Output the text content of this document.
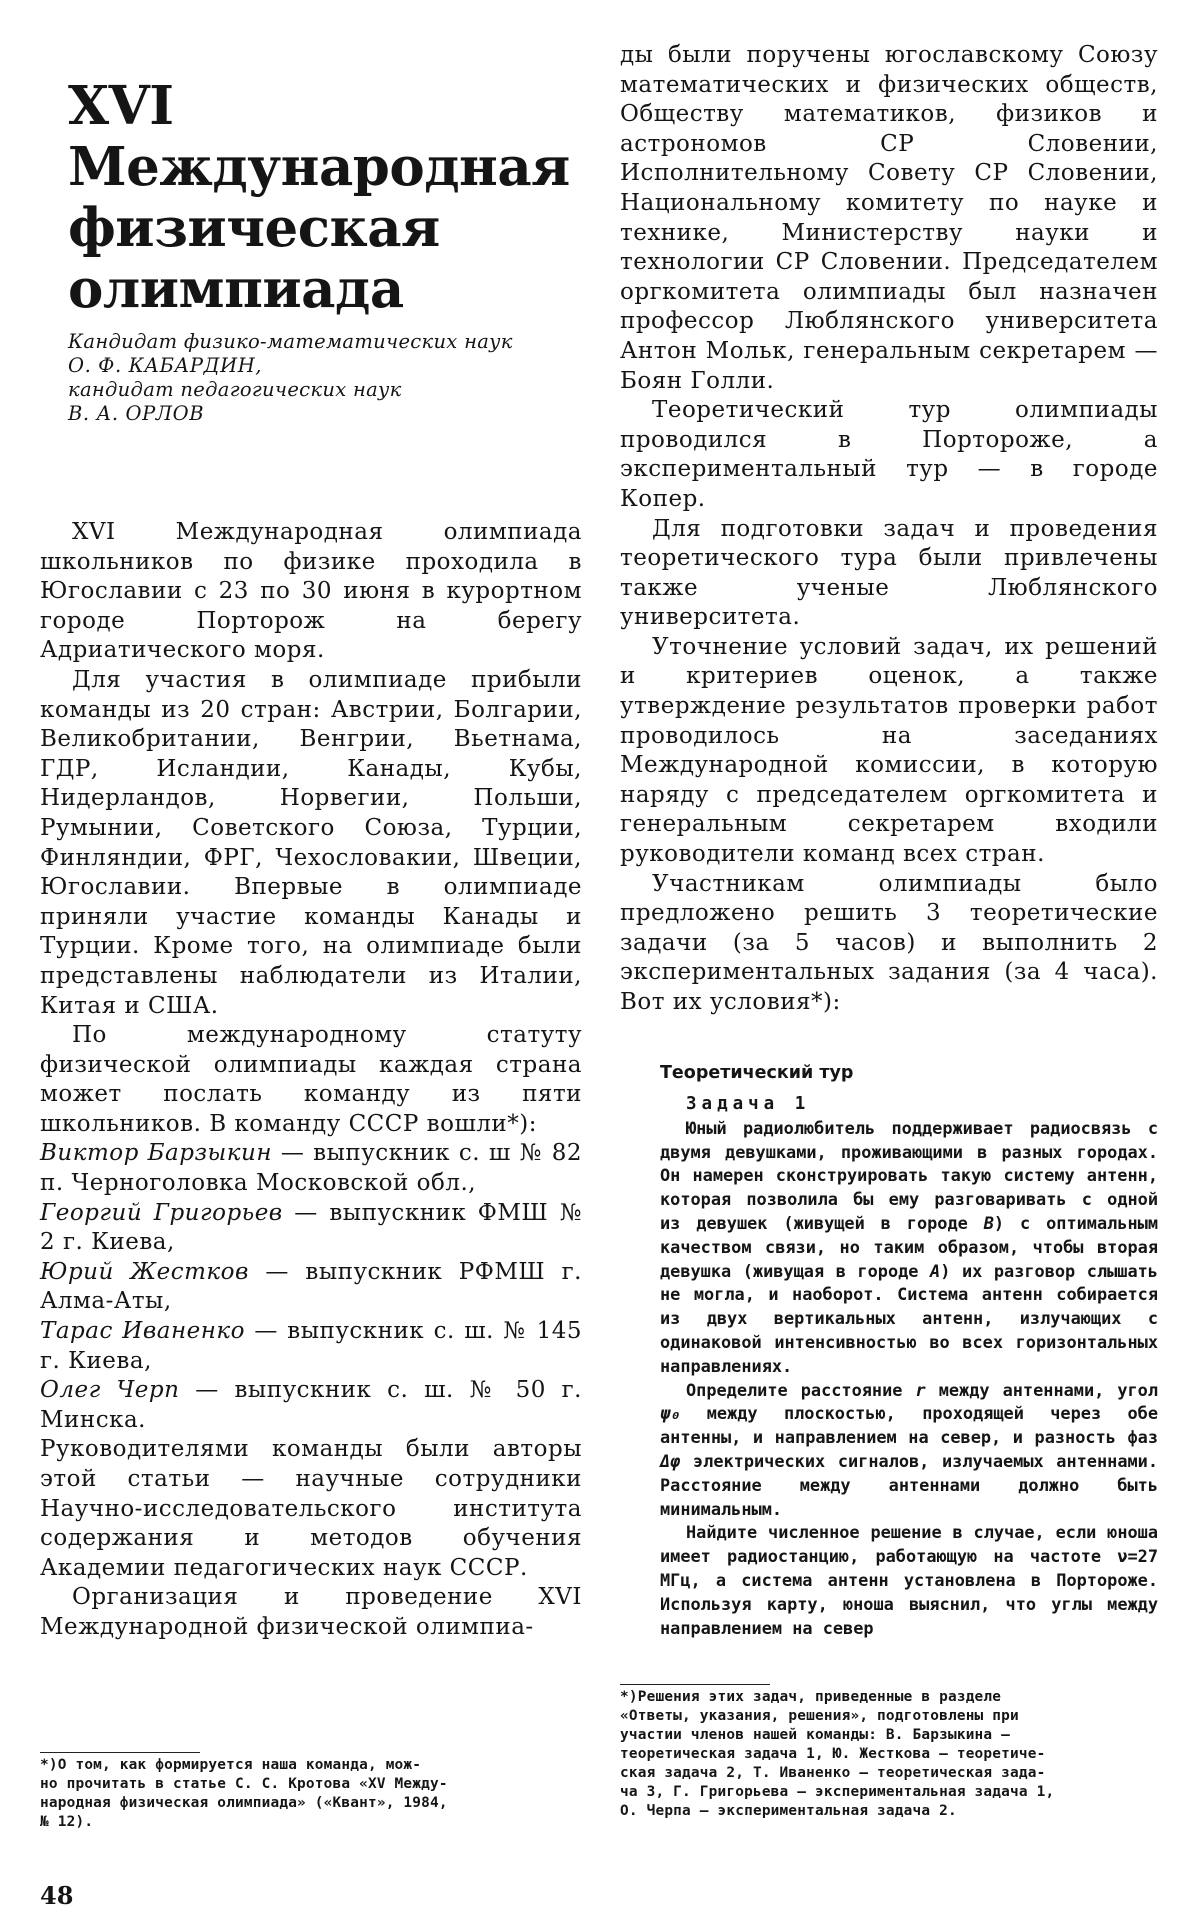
XVI
Международная
физическая
олимпиада
Кандидат физико-математических наук
О. Ф. КАБАРДИН,
кандидат педагогических наук
В. А. ОРЛОВ

XVI Международная олимпиада школьников по физике проходила в Югославии с 23 по 30 июня в курортном городе Порторож на берегу Адриатического моря.

Для участия в олимпиаде прибыли команды из 20 стран: Австрии, Болгарии, Великобритании, Венгрии, Вьетнама, ГДР, Исландии, Канады, Кубы, Нидерландов, Норвегии, Польши, Румынии, Советского Союза, Турции, Финляндии, ФРГ, Чехословакии, Швеции, Югославии. Впервые в олимпиаде приняли участие команды Канады и Турции. Кроме того, на олимпиаде были представлены наблюдатели из Италии, Китая и США.

По международному статуту физической олимпиады каждая страна может послать команду из пяти школьников. В команду СССР вошли*):

Виктор Барзыкин — выпускник с. ш № 82 п. Черноголовка Московской обл.,

Георгий Григорьев — выпускник ФМШ № 2 г. Киева,

Юрий Жестков — выпускник РФМШ г. Алма-Аты,

Тарас Иваненко — выпускник с. ш. № 145 г. Киева,

Олег Черп — выпускник с. ш. № 50 г. Минска.

Руководителями команды были авторы этой статьи — научные сотрудники Научно-исследовательского института содержания и методов обучения Академии педагогических наук СССР.

Организация и проведение XVI Международной физической олимпиа-

ды были поручены югославскому Союзу математических и физических обществ, Обществу математиков, физиков и астрономов СР Словении, Исполнительному Совету СР Словении, Национальному комитету по науке и технике, Министерству науки и технологии СР Словении. Председателем оргкомитета олимпиады был назначен профессор Люблянского университета Антон Мольк, генеральным секретарем — Боян Голли.

Теоретический тур олимпиады проводился в Портороже, а экспериментальный тур — в городе Копер.

Для подготовки задач и проведения теоретического тура были привлечены также ученые Люблянского университета.

Уточнение условий задач, их решений и критериев оценок, а также утверждение результатов проверки работ проводилось на заседаниях Международной комиссии, в которую наряду с председателем оргкомитета и генеральным секретарем входили руководители команд всех стран.

Участникам олимпиады было предложено решить 3 теоретические задачи (за 5 часов) и выполнить 2 экспериментальных задания (за 4 часа). Вот их условия*):

Теоретический тур

Задача 1

Юный радиолюбитель поддерживает радиосвязь с двумя девушками, проживающими в разных городах. Он намерен сконструировать такую систему антенн, которая позволила бы ему разговаривать с одной из девушек (живущей в городе B) с оптимальным качеством связи, но таким образом, чтобы вторая девушка (живущая в городе A) их разговор слышать не могла, и наоборот. Система антенн собирается из двух вертикальных антенн, излучающих с одинаковой интенсивностью во всех горизонтальных направлениях.

Определите расстояние r между антеннами, угол ψ₀ между плоскостью, проходящей через обе антенны, и направлением на север, и разность фаз Δφ электрических сигналов, излучаемых антеннами. Расстояние между антеннами должно быть минимальным.

Найдите численное решение в случае, если юноша имеет радиостанцию, работающую на частоте ν=27 МГц, а система антенн установлена в Портороже. Используя карту, юноша выяснил, что углы между направлением на север

*)Решения этих задач, приведенные в разделе
«Ответы, указания, решения», подготовлены при
участии членов нашей команды: В. Барзыкина —
теоретическая задача 1, Ю. Жесткова — теоретиче-
ская задача 2, Т. Иваненко — теоретическая зада-
ча 3, Г. Григорьева — экспериментальная задача 1,
О. Черпа — экспериментальная задача 2.
*)О том, как формируется наша команда, мож-
но прочитать в статье С. С. Кротова «XV Между-
народная физическая олимпиада» («Квант», 1984,
№ 12).
48
